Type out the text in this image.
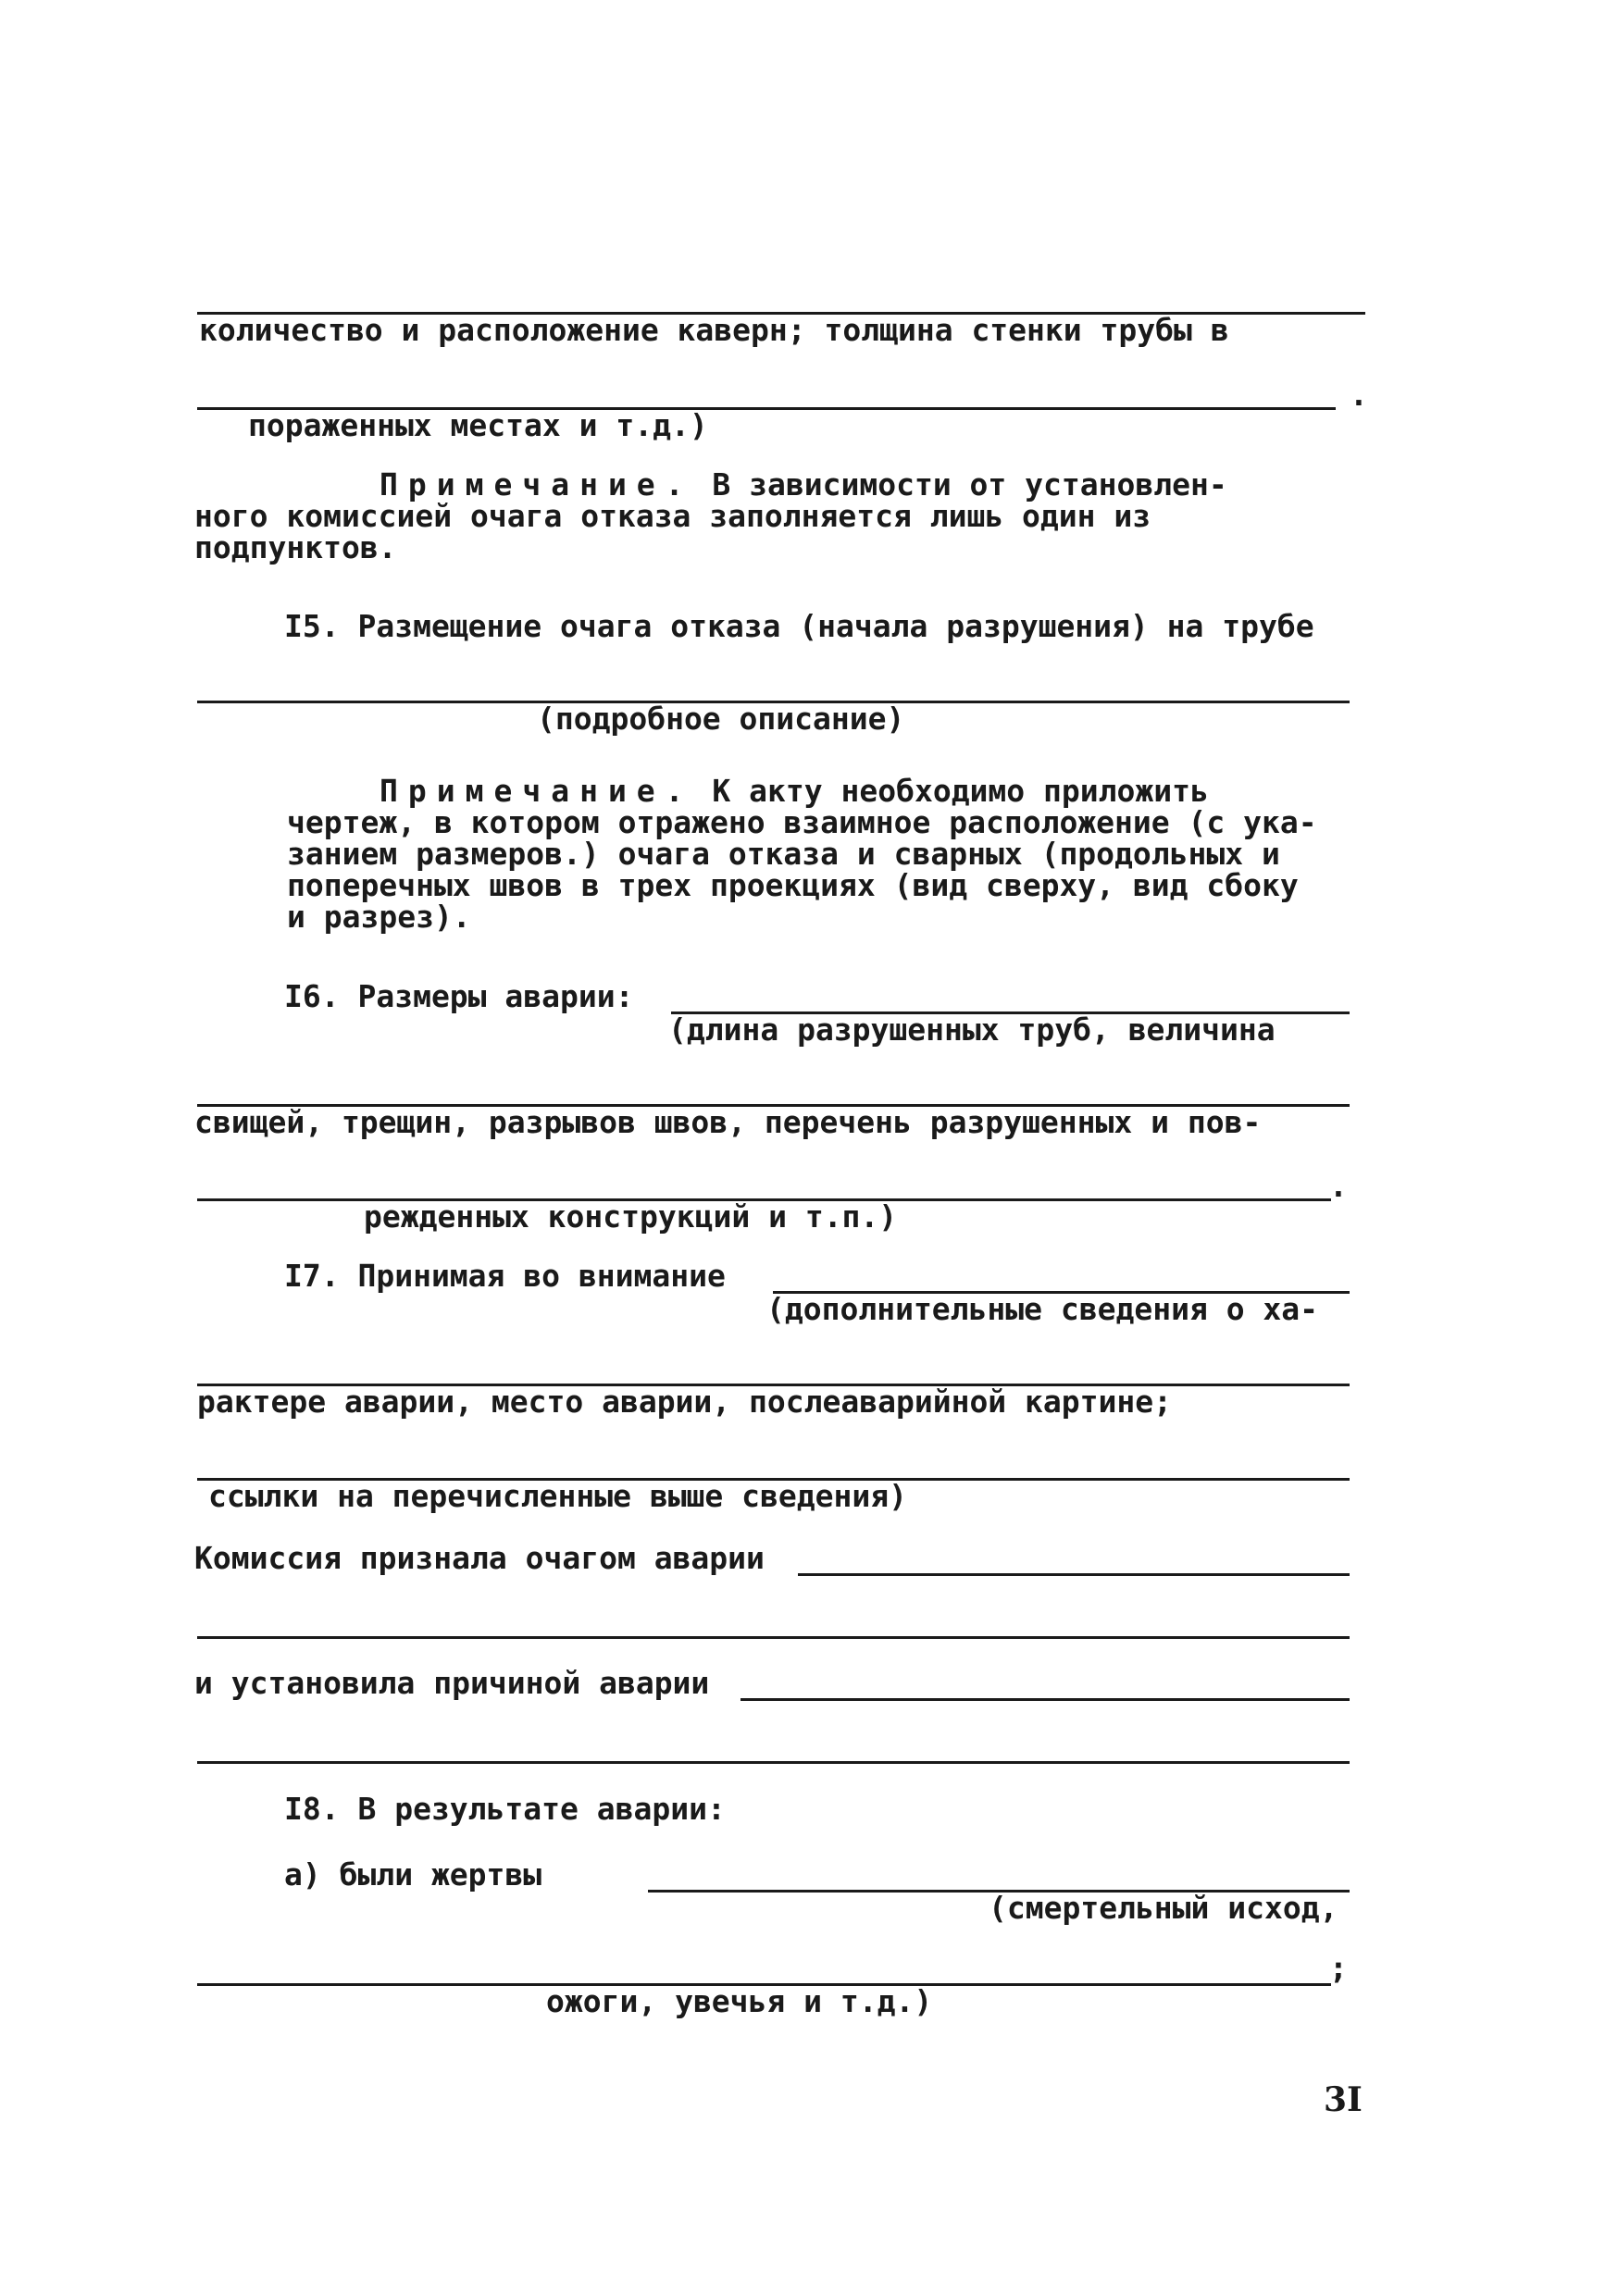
количество и расположение каверн; толщина стенки трубы в
.
пораженных местах и т.д.)
Примечание. В зависимости от установлен-
ного комиссией очага отказа заполняется лишь один из
подпунктов.
I5. Размещение очага отказа (начала разрушения) на трубе
(подробное описание)
Примечание. К акту необходимо приложить
чертеж, в котором отражено взаимное расположение (с ука-
занием размеров.) очага отказа и сварных (продольных и
поперечных швов в трех проекциях (вид сверху, вид сбоку
и разрез).
I6. Размеры аварии:
(длина разрушенных труб, величина
свищей, трещин, разрывов швов, перечень разрушенных и пов-
.
режденных конструкций и т.п.)
I7. Принимая во внимание
(дополнительные сведения о ха-
рактере аварии, место аварии, послеаварийной картине;
ссылки на перечисленные выше сведения)
Комиссия признала очагом аварии
и установила причиной аварии
I8. В результате аварии:
а) были жертвы
(смертельный исход,
;
ожоги, увечья и т.д.)
3I
